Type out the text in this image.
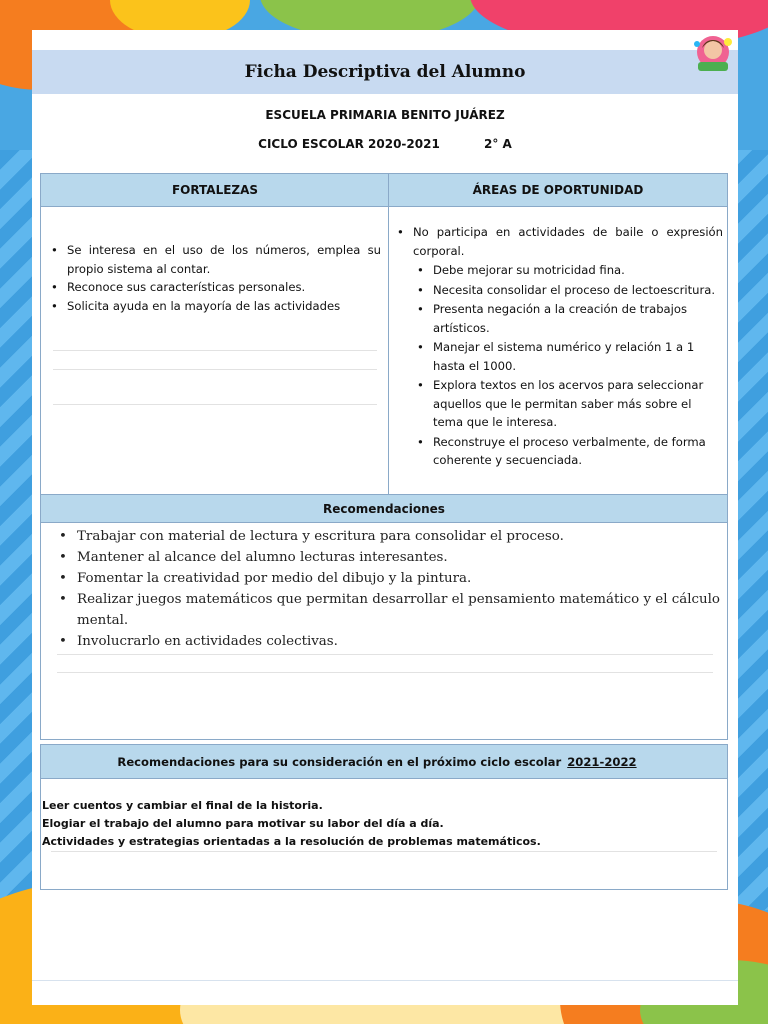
Ficha Descriptiva del Alumno
ESCUELA PRIMARIA BENITO JUÁREZ
CICLO ESCOLAR 2020-2021	2° A
FORTALEZAS	ÁREAS DE OPORTUNIDAD
• Se interesa en el uso de los números, emplea su propio sistema al contar.
• Reconoce sus características personales.
• Solicita ayuda en la mayoría de las actividades
• No participa en actividades de baile o expresión corporal.
• Debe mejorar su motricidad fina.
• Necesita consolidar el proceso de lectoescritura.
• Presenta negación a la creación de trabajos artísticos.
• Manejar el sistema numérico y relación 1 a 1 hasta el 1000.
• Explora textos en los acervos para seleccionar aquellos que le permitan saber más sobre el tema que le interesa.
• Reconstruye el proceso verbalmente, de forma coherente y secuenciada.
Recomendaciones
• Trabajar con material de lectura y escritura para consolidar el proceso.
• Mantener al alcance del alumno lecturas interesantes.
• Fomentar la creatividad por medio del dibujo y la pintura.
• Realizar juegos matemáticos que permitan desarrollar el pensamiento matemático y el cálculo mental.
• Involucrarlo en actividades colectivas.
Recomendaciones para su consideración en el próximo ciclo escolar 2021-2022

Leer cuentos y cambiar el final de la historia.

Elogiar el trabajo del alumno para motivar su labor del día a día.

Actividades y estrategias orientadas a la resolución de problemas matemáticos.
